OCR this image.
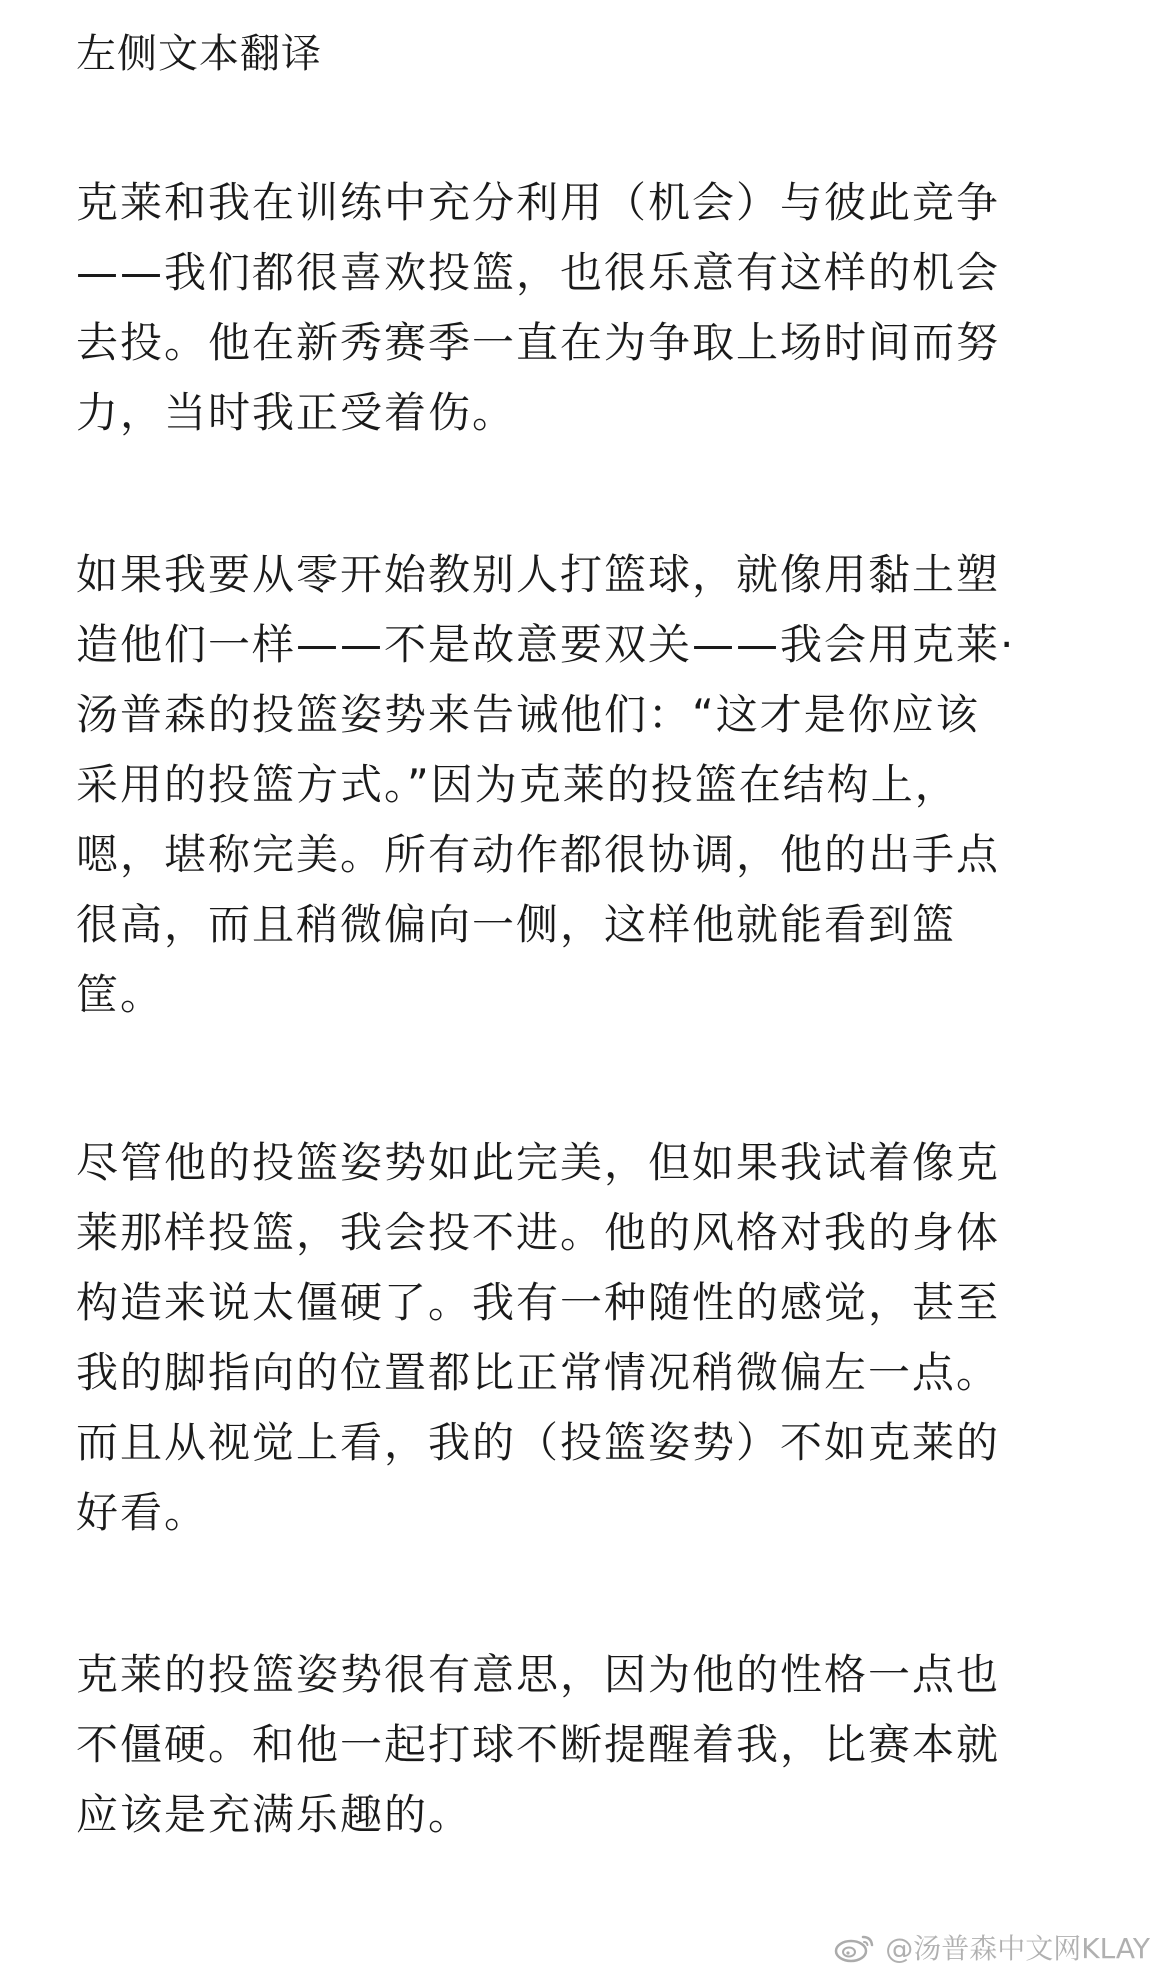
左侧文本翻译
克莱和我在训练中充分利用（机会）与彼此竞争
——我们都很喜欢投篮，也很乐意有这样的机会
去投。他在新秀赛季一直在为争取上场时间而努
力，当时我正受着伤。
如果我要从零开始教别人打篮球，就像用黏土塑
造他们一样——不是故意要双关——我会用克莱·
汤普森的投篮姿势来告诫他们：“这才是你应该
采用的投篮方式。”因为克莱的投篮在结构上，
嗯，堪称完美。所有动作都很协调，他的出手点
很高，而且稍微偏向一侧，这样他就能看到篮
筐。
尽管他的投篮姿势如此完美，但如果我试着像克
莱那样投篮，我会投不进。他的风格对我的身体
构造来说太僵硬了。我有一种随性的感觉，甚至
我的脚指向的位置都比正常情况稍微偏左一点。
而且从视觉上看，我的（投篮姿势）不如克莱的
好看。
克莱的投篮姿势很有意思，因为他的性格一点也
不僵硬。和他一起打球不断提醒着我，比赛本就
应该是充满乐趣的。
@汤普森中文网KLAY
